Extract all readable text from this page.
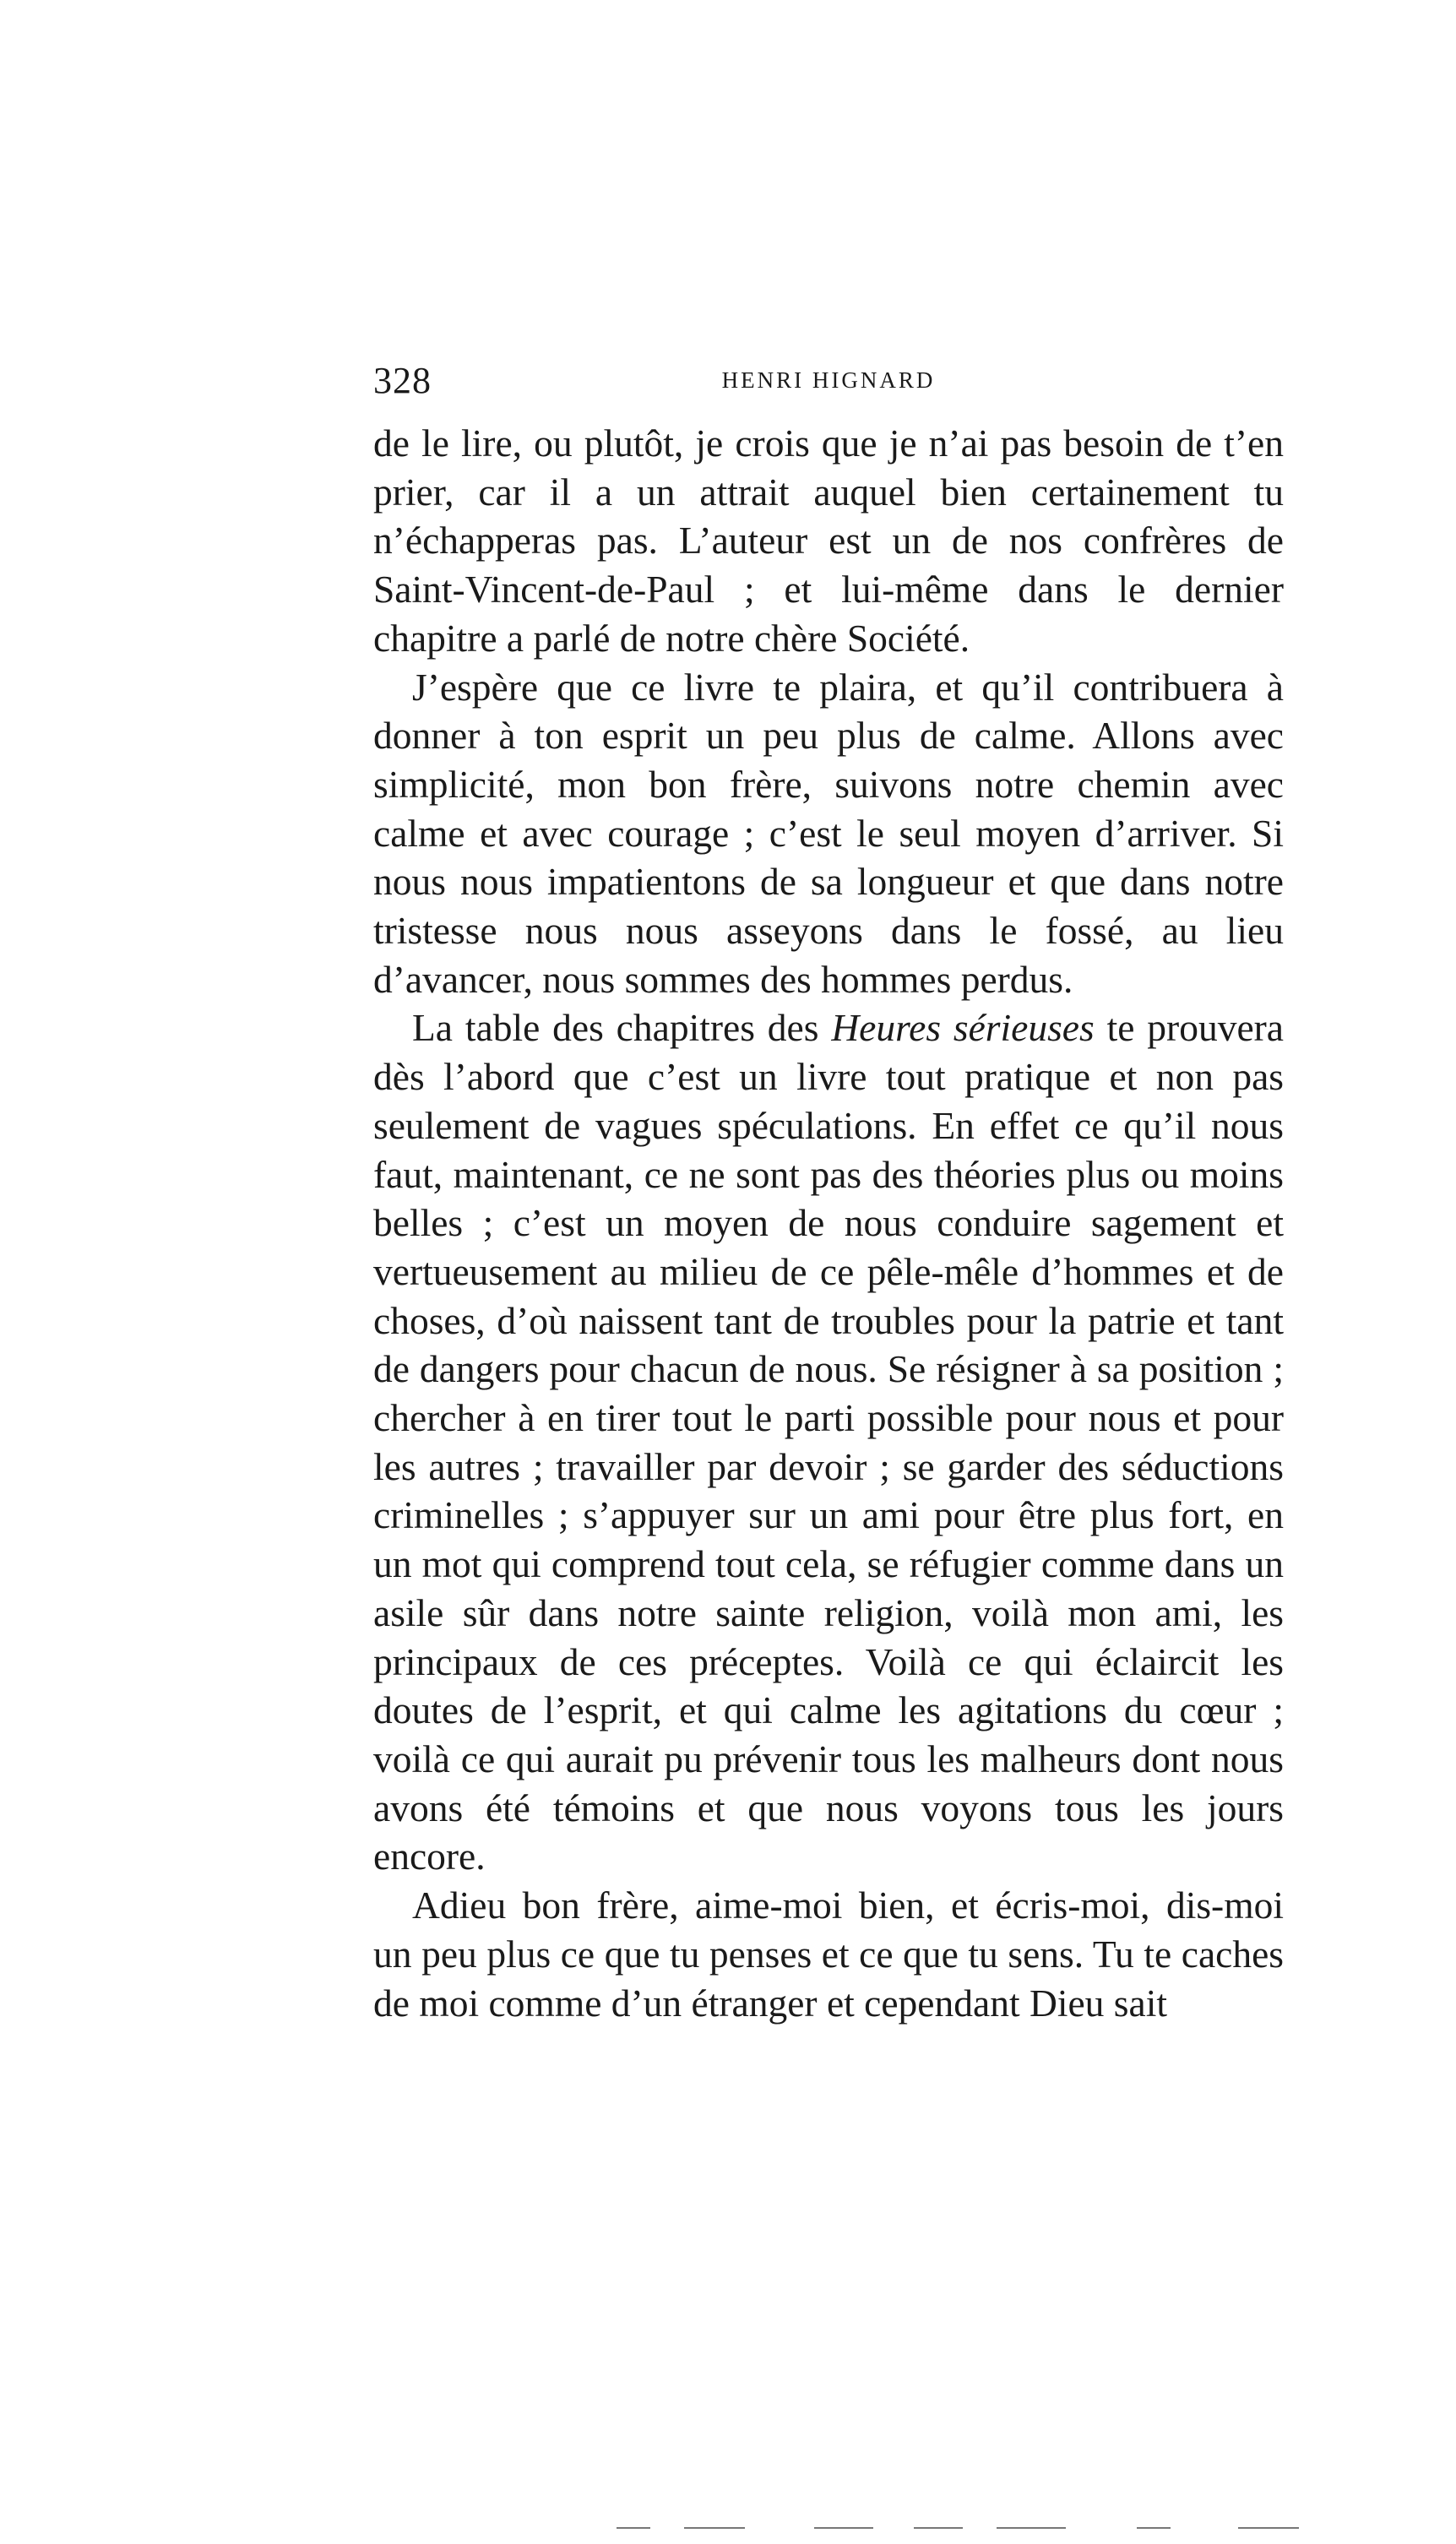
328	HENRI HIGNARD

de le lire, ou plutôt, je crois que je n’ai pas besoin de t’en prier, car il a un attrait auquel bien certainement tu n’échapperas pas. L’auteur est un de nos confrères de Saint-Vincent-de-Paul ; et lui-même dans le dernier chapitre a parlé de notre chère Société.

J’espère que ce livre te plaira, et qu’il contribuera à donner à ton esprit un peu plus de calme. Allons avec simplicité, mon bon frère, suivons notre chemin avec calme et avec courage ; c’est le seul moyen d’arriver. Si nous nous impatientons de sa longueur et que dans notre tristesse nous nous asseyons dans le fossé, au lieu d’avancer, nous sommes des hommes perdus.

La table des chapitres des Heures sérieuses te prouvera dès l’abord que c’est un livre tout pratique et non pas seulement de vagues spéculations. En effet ce qu’il nous faut, maintenant, ce ne sont pas des théories plus ou moins belles ; c’est un moyen de nous conduire sagement et vertueusement au milieu de ce pêle-mêle d’hommes et de choses, d’où naissent tant de troubles pour la patrie et tant de dangers pour chacun de nous. Se résigner à sa position ; chercher à en tirer tout le parti possible pour nous et pour les autres ; travailler par devoir ; se garder des séductions criminelles ; s’appuyer sur un ami pour être plus fort, en un mot qui comprend tout cela, se réfugier comme dans un asile sûr dans notre sainte religion, voilà mon ami, les principaux de ces préceptes. Voilà ce qui éclaircit les doutes de l’esprit, et qui calme les agitations du cœur ; voilà ce qui aurait pu prévenir tous les malheurs dont nous avons été témoins et que nous voyons tous les jours encore.

Adieu bon frère, aime-moi bien, et écris-moi, dis-moi un peu plus ce que tu penses et ce que tu sens. Tu te caches de moi comme d’un étranger et cependant Dieu sait
